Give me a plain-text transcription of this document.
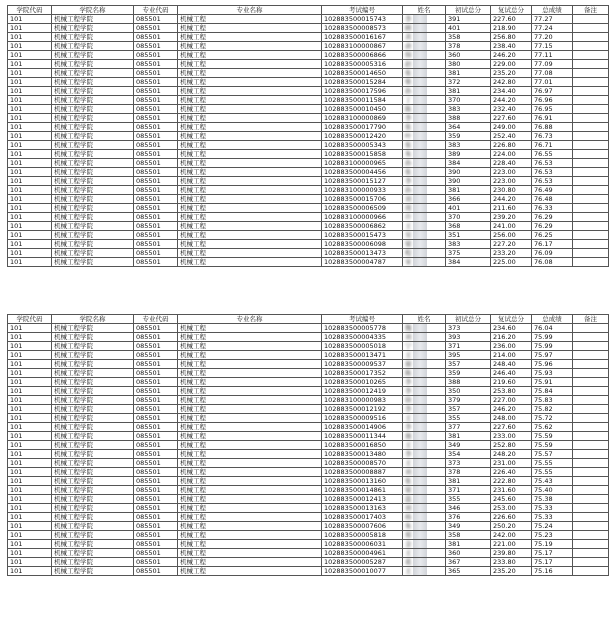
学院代码	学院名称	专业代码	专业名称	考试编号	姓名	初试总分	复试总分	总成绩	备注
101	机械工程学院	085501	机械工程	102883500015743	李	391	227.60	77.27	
101	机械工程学院	085501	机械工程	102883500008573	顾	401	218.90	77.24	
101	机械工程学院	085501	机械工程	102883500016167	黄	358	256.80	77.20	
101	机械工程学院	085501	机械工程	102883100000867	俞	378	238.40	77.15	
101	机械工程学院	085501	机械工程	102883500006866	韩	360	246.20	77.11	
101	机械工程学院	085501	机械工程	102883500005316	赵	380	229.00	77.09	
101	机械工程学院	085501	机械工程	102883500014650	张	381	235.20	77.08	
101	机械工程学院	085501	机械工程	102883500015284	柴	372	242.80	77.01	
101	机械工程学院	085501	机械工程	102883500017596	孙	381	234.40	76.97	
101	机械工程学院	085501	机械工程	102883500011584	丁	370	244.20	76.96	
101	机械工程学院	085501	机械工程	102883500010450	陈	383	232.40	76.95	
101	机械工程学院	085501	机械工程	102883100000869	李	388	227.60	76.91	
101	机械工程学院	085501	机械工程	102883500017790	张	364	249.00	76.88	
101	机械工程学院	085501	机械工程	102883500012420	叶	359	252.40	76.73	
101	机械工程学院	085501	机械工程	102883500005343	张	383	226.80	76.71	
101	机械工程学院	085501	机械工程	102883500015858	朱	389	224.00	76.55	
101	机械工程学院	085501	机械工程	102883100000965	孙	384	228.40	76.53	
101	机械工程学院	085501	机械工程	102883500004456	张	390	223.00	76.53	
101	机械工程学院	085501	机械工程	102883500015127	李	390	223.00	76.53	
101	机械工程学院	085501	机械工程	102883100000933	孙	381	230.80	76.49	
101	机械工程学院	085501	机械工程	102883500015706	刘	366	244.20	76.48	
101	机械工程学院	085501	机械工程	102883500006509	周	401	211.60	76.33	
101	机械工程学院	085501	机械工程	102883100000966	许	370	239.20	76.29	
101	机械工程学院	085501	机械工程	102883500006862	王	368	241.00	76.29	
101	机械工程学院	085501	机械工程	102883500015473	吴	351	256.00	76.25	
101	机械工程学院	085501	机械工程	102883500006098	梁	383	227.20	76.17	
101	机械工程学院	085501	机械工程	102883500013473	程	375	233.20	76.09	
101	机械工程学院	085501	机械工程	102883500004787	宋	384	225.00	76.08	
学院代码	学院名称	专业代码	专业名称	考试编号	姓名	初试总分	复试总分	总成绩	备注
101	机械工程学院	085501	机械工程	102883500005778	魏	373	234.60	76.04	
101	机械工程学院	085501	机械工程	102883500004335	刘	393	216.20	75.99	
101	机械工程学院	085501	机械工程	102883500005018	宁	371	236.00	75.99	
101	机械工程学院	085501	机械工程	102883500013471	王	395	214.00	75.97	
101	机械工程学院	085501	机械工程	102883500009537	谢	357	248.40	75.96	
101	机械工程学院	085501	机械工程	102883500017352	陈	359	246.40	75.93	
101	机械工程学院	085501	机械工程	102883500010265	李	388	219.60	75.91	
101	机械工程学院	085501	机械工程	102883500012419	李	350	253.80	75.84	
101	机械工程学院	085501	机械工程	102883100000983	徐	379	227.00	75.83	
101	机械工程学院	085501	机械工程	102883500012192	李	357	246.20	75.82	
101	机械工程学院	085501	机械工程	102883500009516	王	355	248.00	75.72	
101	机械工程学院	085501	机械工程	102883500014906	李	377	227.60	75.62	
101	机械工程学院	085501	机械工程	102883500011344	施	381	233.00	75.59	
101	机械工程学院	085501	机械工程	102883500016850	王	349	252.80	75.59	
101	机械工程学院	085501	机械工程	102883500013480	李	354	248.20	75.57	
101	机械工程学院	085501	机械工程	102883500008570	王	373	231.00	75.55	
101	机械工程学院	085501	机械工程	102883500008887	刘	378	226.40	75.55	
101	机械工程学院	085501	机械工程	102883500013160	张	381	222.80	75.43	
101	机械工程学院	085501	机械工程	102883500014861	梁	371	231.60	75.40	
101	机械工程学院	085501	机械工程	102883500012413	温	355	245.60	75.38	
101	机械工程学院	085501	机械工程	102883500013163	刘	346	253.00	75.33	
101	机械工程学院	085501	机械工程	102883500017403	杨	376	226.60	75.33	
101	机械工程学院	085501	机械工程	102883500007606	朱	349	250.20	75.24	
101	机械工程学院	085501	机械工程	102883500005818	郑	358	242.00	75.23	
101	机械工程学院	085501	机械工程	102883500006031	金	381	221.00	75.19	
101	机械工程学院	085501	机械工程	102883500004961	王	360	239.80	75.17	
101	机械工程学院	085501	机械工程	102883500005287	葛	367	233.80	75.17	
101	机械工程学院	085501	机械工程	102883500010077	王	365	235.20	75.16	
